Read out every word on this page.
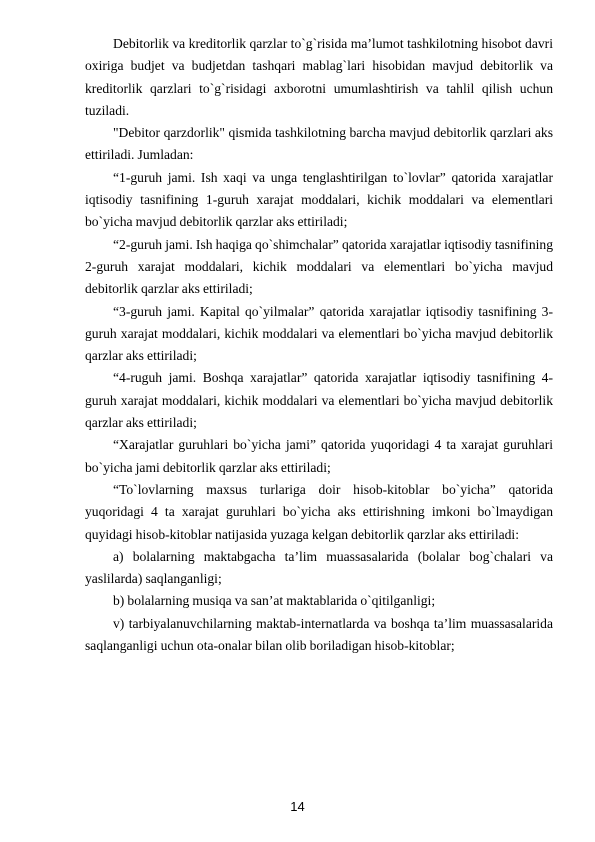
Debitorlik va kreditorlik qarzlar to`g`risida ma’lumot tashkilotning hisobot davri oxiriga budjet va budjetdan tashqari mablag`lari hisobidan mavjud debitorlik va kreditorlik qarzlari to`g`risidagi axborotni umumlashtirish va tahlil qilish uchun tuziladi.

"Debitor qarzdorlik" qismida tashkilotning barcha mavjud debitorlik qarzlari aks ettiriladi. Jumladan:

“1-guruh jami. Ish xaqi va unga tenglashtirilgan to`lovlar” qatorida xarajatlar iqtisodiy tasnifining 1-guruh xarajat moddalari, kichik moddalari va elementlari bo`yicha mavjud debitorlik qarzlar aks ettiriladi;

“2-guruh jami. Ish haqiga qo`shimchalar” qatorida xarajatlar iqtisodiy tasnifining 2-guruh xarajat moddalari, kichik moddalari va elementlari bo`yicha mavjud debitorlik qarzlar aks ettiriladi;

“3-guruh jami. Kapital qo`yilmalar” qatorida xarajatlar iqtisodiy tasnifining 3-guruh xarajat moddalari, kichik moddalari va elementlari bo`yicha mavjud debitorlik qarzlar aks ettiriladi;

“4-ruguh jami. Boshqa xarajatlar” qatorida xarajatlar iqtisodiy tasnifining 4-guruh xarajat moddalari, kichik moddalari va elementlari bo`yicha mavjud debitorlik qarzlar aks ettiriladi;

“Xarajatlar guruhlari bo`yicha jami” qatorida yuqoridagi 4 ta xarajat guruhlari bo`yicha jami debitorlik qarzlar aks ettiriladi;

“To`lovlarning maxsus turlariga doir hisob-kitoblar bo`yicha” qatorida yuqoridagi 4 ta xarajat guruhlari bo`yicha aks ettirishning imkoni bo`lmaydigan quyidagi hisob-kitoblar natijasida yuzaga kelgan debitorlik qarzlar aks ettiriladi:

a) bolalarning maktabgacha ta’lim muassasalarida (bolalar bog`chalari va yaslilarda) saqlanganligi;

b) bolalarning musiqa va san’at maktablarida o`qitilganligi;

v) tarbiyalanuvchilarning maktab-internatlarda va boshqa ta’lim muassasalarida saqlanganligi uchun ota-onalar bilan olib boriladigan hisob-kitoblar;

14
